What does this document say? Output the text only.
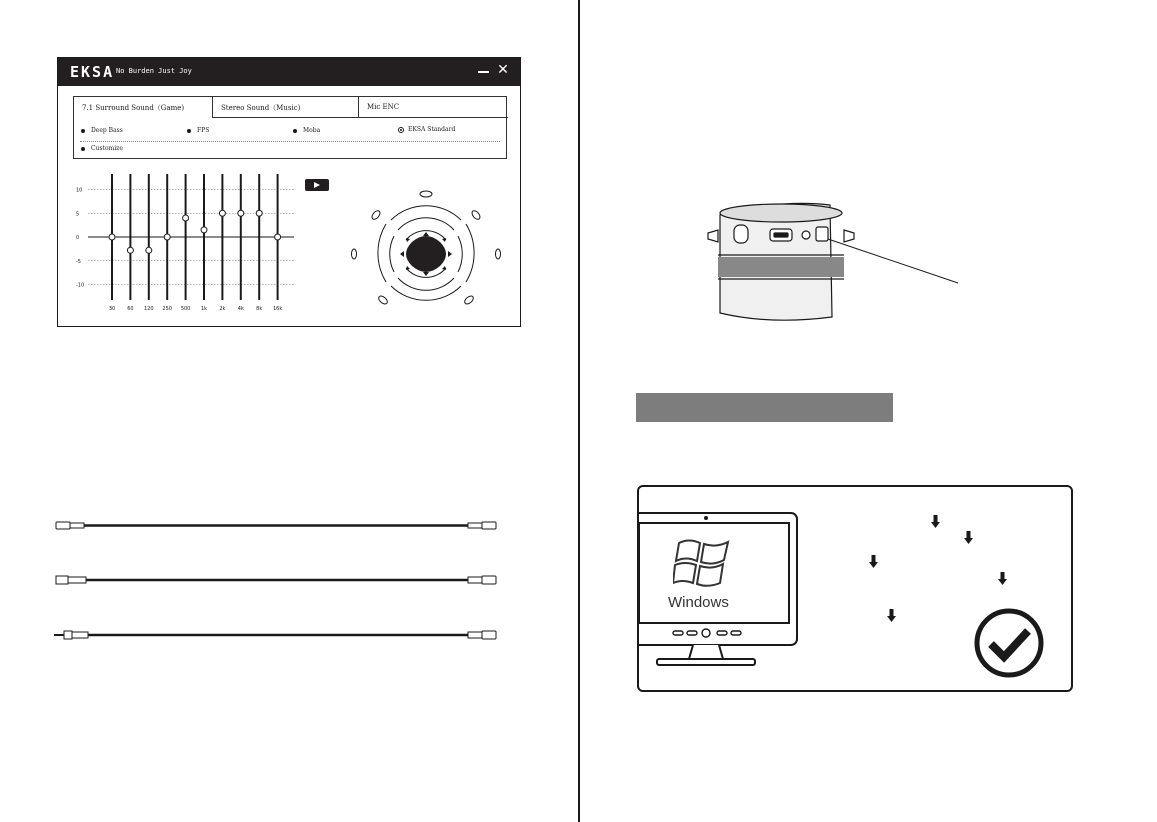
EKSA No Burden Just Joy	✕
7.1 Surround Sound（Game)	Stereo Sound（Music)	Mic ENC
Deep Bass	FPS	Moba	EKSA Standard
Customize
10
5
0
-5
-10
30 60 120 250 500 1k 2k 4k 8k 16k
Windows
